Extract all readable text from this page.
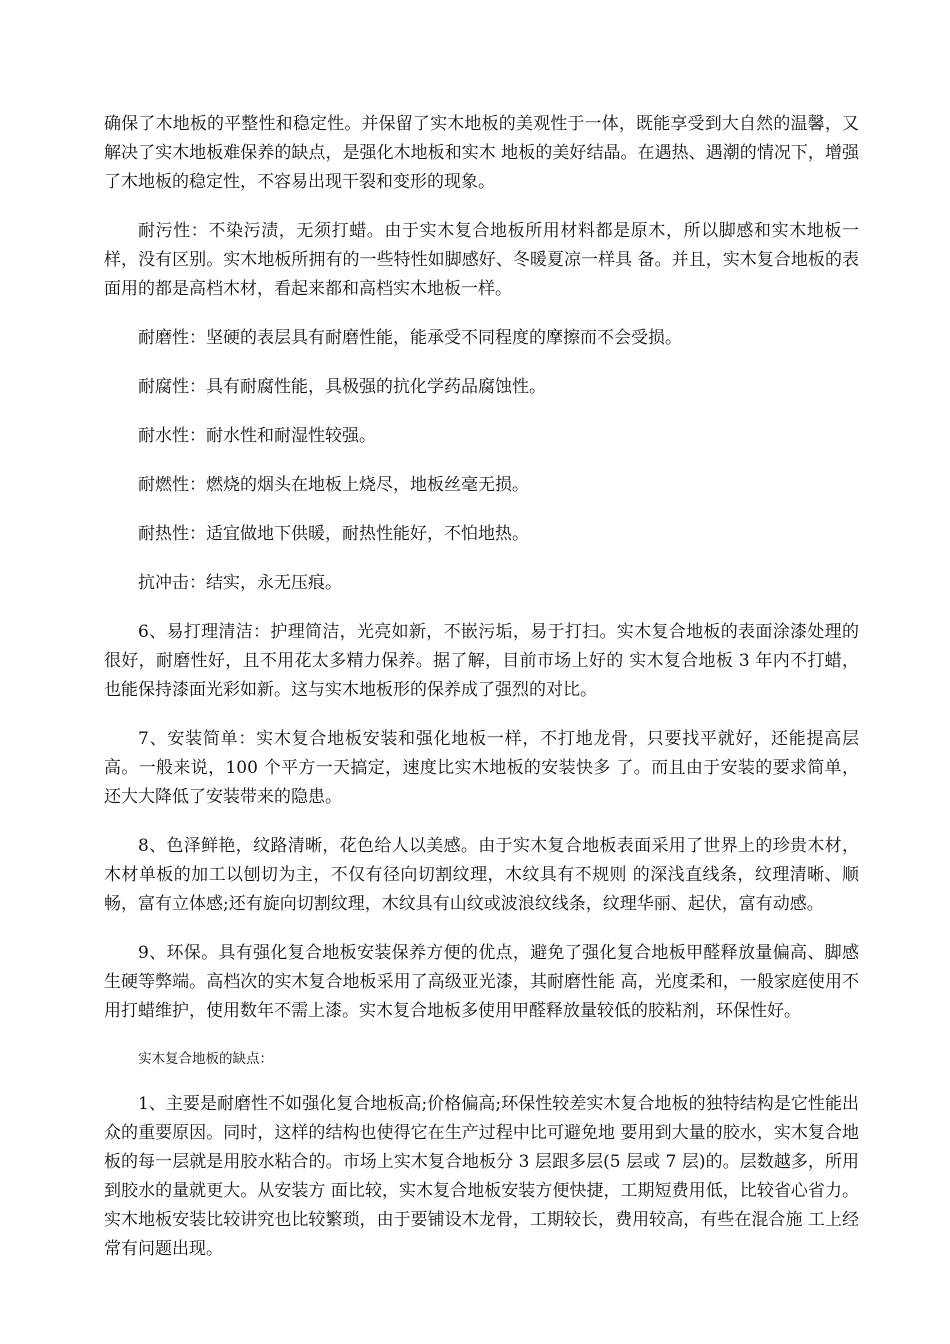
确保了木地板的平整性和稳定性。并保留了实木地板的美观性于一体，既能享受到大自然的温馨，又解决了实木地板难保养的缺点，是强化木地板和实木 地板的美好结晶。在遇热、遇潮的情况下，增强了木地板的稳定性，不容易出现干裂和变形的现象。

耐污性：不染污渍，无须打蜡。由于实木复合地板所用材料都是原木，所以脚感和实木地板一样，没有区别。实木地板所拥有的一些特性如脚感好、冬暖夏凉一样具 备。并且，实木复合地板的表面用的都是高档木材，看起来都和高档实木地板一样。

耐磨性：坚硬的表层具有耐磨性能，能承受不同程度的摩擦而不会受损。

耐腐性：具有耐腐性能，具极强的抗化学药品腐蚀性。

耐水性：耐水性和耐湿性较强。

耐燃性：燃烧的烟头在地板上烧尽，地板丝毫无损。

耐热性：适宜做地下供暖，耐热性能好，不怕地热。

抗冲击：结实，永无压痕。

6、易打理清洁：护理简洁，光亮如新，不嵌污垢，易于打扫。实木复合地板的表面涂漆处理的很好，耐磨性好，且不用花太多精力保养。据了解，目前市场上好的 实木复合地板 3 年内不打蜡，也能保持漆面光彩如新。这与实木地板形的保养成了强烈的对比。

7、安装简单：实木复合地板安装和强化地板一样，不打地龙骨，只要找平就好，还能提高层高。一般来说，100 个平方一天搞定，速度比实木地板的安装快多 了。而且由于安装的要求简单，还大大降低了安装带来的隐患。

8、色泽鲜艳，纹路清晰，花色给人以美感。由于实木复合地板表面采用了世界上的珍贵木材，木材单板的加工以刨切为主，不仅有径向切割纹理，木纹具有不规则 的深浅直线条，纹理清晰、顺畅，富有立体感;还有旋向切割纹理，木纹具有山纹或波浪纹线条，纹理华丽、起伏，富有动感。

9、环保。具有强化复合地板安装保养方便的优点，避免了强化复合地板甲醛释放量偏高、脚感生硬等弊端。高档次的实木复合地板采用了高级亚光漆，其耐磨性能 高，光度柔和，一般家庭使用不用打蜡维护，使用数年不需上漆。实木复合地板多使用甲醛释放量较低的胶粘剂，环保性好。

实木复合地板的缺点：

1、主要是耐磨性不如强化复合地板高;价格偏高;环保性较差实木复合地板的独特结构是它性能出众的重要原因。同时，这样的结构也使得它在生产过程中比可避免地 要用到大量的胶水，实木复合地板的每一层就是用胶水粘合的。市场上实木复合地板分 3 层跟多层(5 层或 7 层)的。层数越多，所用到胶水的量就更大。从安装方 面比较，实木复合地板安装方便快捷，工期短费用低，比较省心省力。实木地板安装比较讲究也比较繁琐，由于要铺设木龙骨，工期较长，费用较高，有些在混合施 工上经常有问题出现。
